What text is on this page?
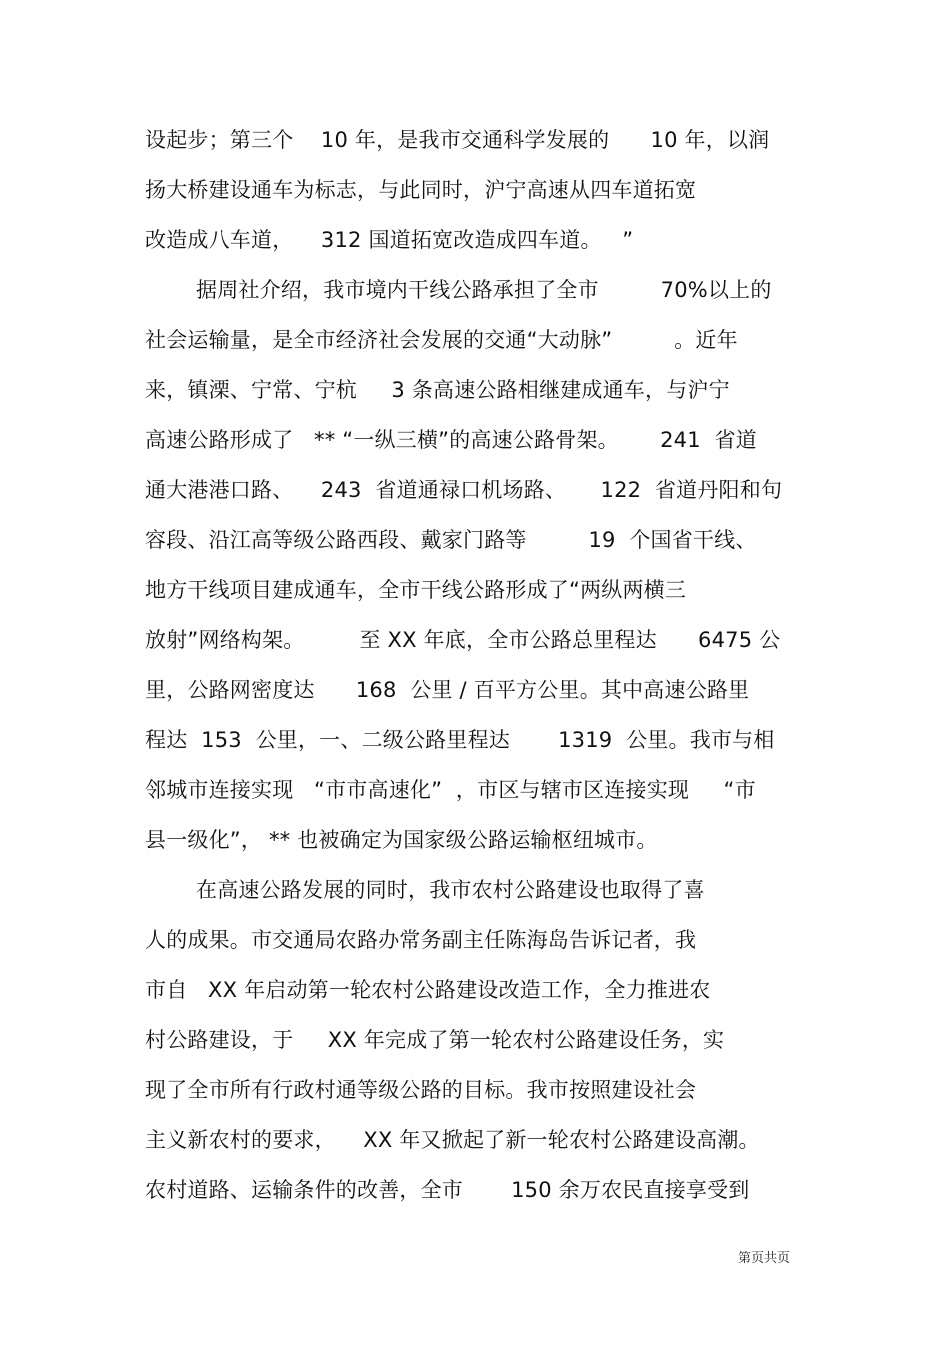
设起步；第三个    10 年，是我市交通科学发展的      10 年，以润
扬大桥建设通车为标志，与此同时，沪宁高速从四车道拓宽
改造成八车道，    312 国道拓宽改造成四车道。   ”
据周社介绍，我市境内干线公路承担了全市         70%以上的
社会运输量，是全市经济社会发展的交通“大动脉”         。近年
来，镇溧、宁常、宁杭     3 条高速公路相继建成通车，与沪宁
高速公路形成了   ** “一纵三横”的高速公路骨架。      241  省道
通大港港口路、    243  省道通禄口机场路、     122  省道丹阳和句
容段、沿江高等级公路西段、戴家门路等         19  个国省干线、
地方干线项目建成通车，全市干线公路形成了“两纵两横三
放射”网络构架。        至 XX 年底，全市公路总里程达      6475 公
里，公路网密度达      168  公里 / 百平方公里。其中高速公路里
程达  153  公里，一、二级公路里程达       1319  公里。我市与相
邻城市连接实现   “市市高速化”  ，市区与辖市区连接实现     “市
县一级化”， ** 也被确定为国家级公路运输枢纽城市。
在高速公路发展的同时，我市农村公路建设也取得了喜
人的成果。市交通局农路办常务副主任陈海岛告诉记者，我
市自   XX 年启动第一轮农村公路建设改造工作，全力推进农
村公路建设，于     XX 年完成了第一轮农村公路建设任务，实
现了全市所有行政村通等级公路的目标。我市按照建设社会
主义新农村的要求，    XX 年又掀起了新一轮农村公路建设高潮。
农村道路、运输条件的改善，全市       150 余万农民直接享受到
第页共页
